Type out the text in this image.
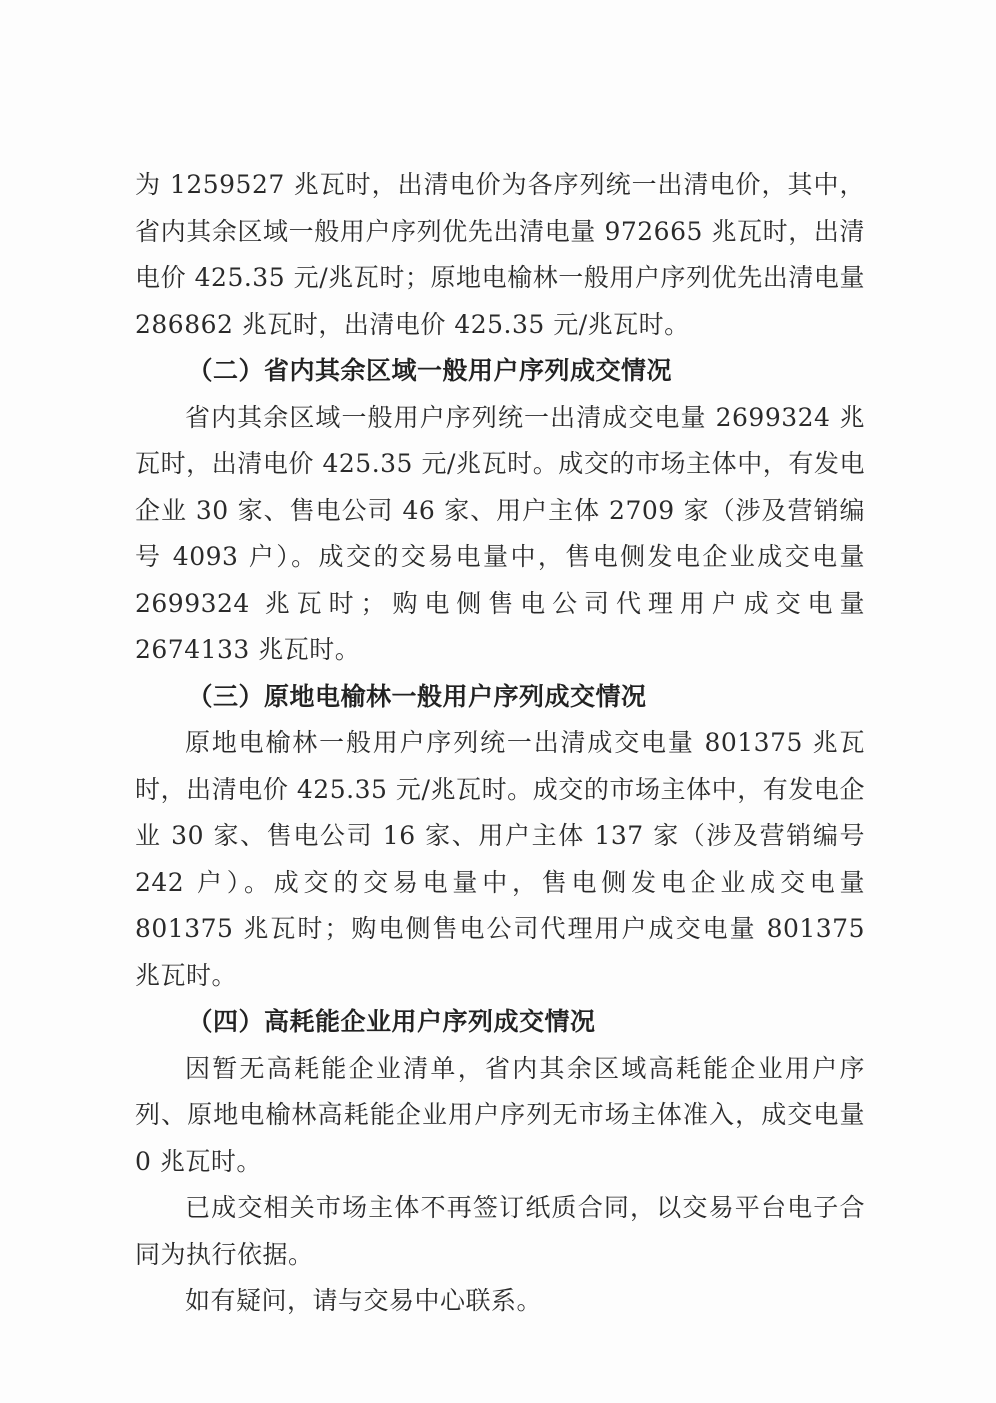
为 1259527 兆瓦时，出清电价为各序列统一出清电价，其中，省内其余区域一般用户序列优先出清电量 972665 兆瓦时，出清电价 425.35 元/兆瓦时；原地电榆林一般用户序列优先出清电量 286862 兆瓦时，出清电价 425.35 元/兆瓦时。

（二）省内其余区域一般用户序列成交情况

省内其余区域一般用户序列统一出清成交电量 2699324 兆瓦时，出清电价 425.35 元/兆瓦时。成交的市场主体中，有发电企业 30 家、售电公司 46 家、用户主体 2709 家（涉及营销编号 4093 户）。成交的交易电量中，售电侧发电企业成交电量 2699324 兆瓦时；购电侧售电公司代理用户成交电量 2674133 兆瓦时。

（三）原地电榆林一般用户序列成交情况

原地电榆林一般用户序列统一出清成交电量 801375 兆瓦时，出清电价 425.35 元/兆瓦时。成交的市场主体中，有发电企业 30 家、售电公司 16 家、用户主体 137 家（涉及营销编号 242 户）。成交的交易电量中，售电侧发电企业成交电量 801375 兆瓦时；购电侧售电公司代理用户成交电量 801375 兆瓦时。

（四）高耗能企业用户序列成交情况

因暂无高耗能企业清单，省内其余区域高耗能企业用户序列、原地电榆林高耗能企业用户序列无市场主体准入，成交电量 0 兆瓦时。

已成交相关市场主体不再签订纸质合同，以交易平台电子合同为执行依据。

如有疑问，请与交易中心联系。
